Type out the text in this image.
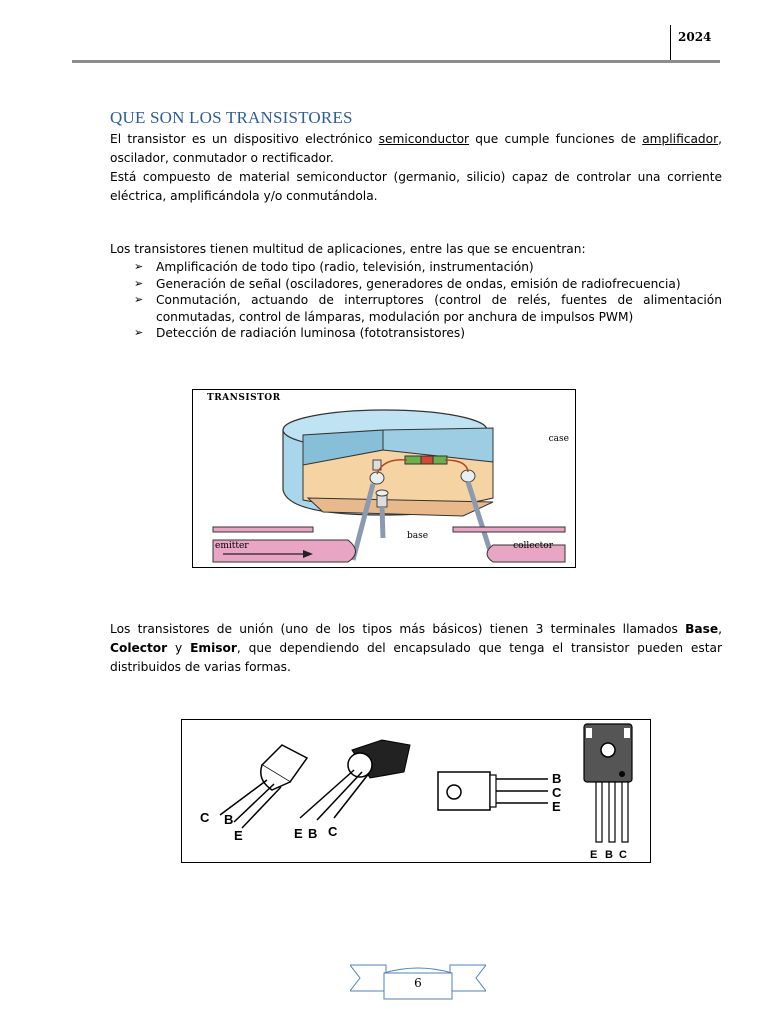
2024
QUE SON LOS TRANSISTORES
El transistor es un dispositivo electrónico semiconductor que cumple funciones de amplificador, oscilador, conmutador o rectificador.
Está compuesto de material semiconductor (germanio, silicio) capaz de controlar una corriente eléctrica, amplificándola y/o conmutándola.
Los transistores tienen multitud de aplicaciones, entre las que se encuentran:
➢ Amplificación de todo tipo (radio, televisión, instrumentación)
➢ Generación de señal (osciladores, generadores de ondas, emisión de radiofrecuencia)
➢ Conmutación, actuando de interruptores (control de relés, fuentes de alimentación conmutadas, control de lámparas, modulación por anchura de impulsos PWM)
➢ Detección de radiación luminosa (fototransistores)
TRANSISTOR
case
emitter
base
collector
Los transistores de unión (uno de los tipos más básicos) tienen 3 terminales llamados Base, Colector y Emisor, que dependiendo del encapsulado que tenga el transistor pueden estar distribuidos de varias formas.
C B
E	E B C
B
C
E
E B C
6
